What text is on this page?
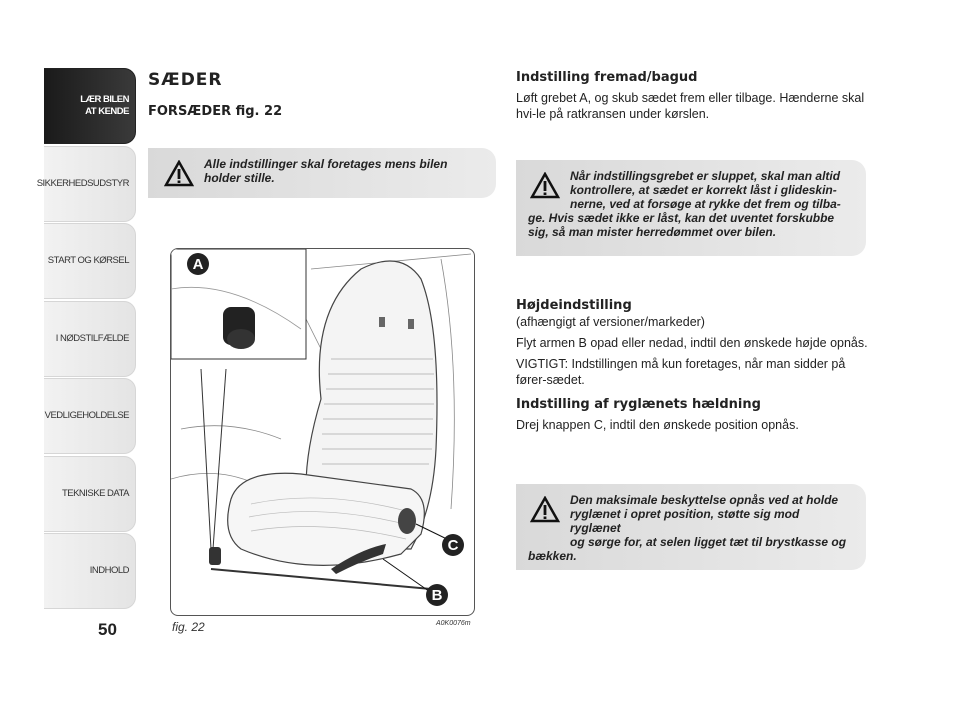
LÆR BILEN
AT KENDE
SIKKERHEDSUDSTYR
START OG KØRSEL
I NØDSTILFÆLDE
VEDLIGEHOLDELSE
TEKNISKE DATA
INDHOLD
50
SÆDER
FORSÆDER fig. 22
Alle indstillinger skal foretages mens bilen holder stille.
A
C
B
fig. 22	A0K0076m
Indstilling fremad/bagud
Løft grebet A, og skub sædet frem eller tilbage. Hænderne skal hvi-le på ratkransen under kørslen.
Når indstillingsgrebet er sluppet, skal man altid
kontrollere, at sædet er korrekt låst i glideskin-
nerne, ved at forsøge at rykke det frem og tilba-
ge. Hvis sædet ikke er låst, kan det uventet forskubbe sig, så man mister herredømmet over bilen.
Højdeindstilling
(afhængigt af versioner/markeder)
Flyt armen B opad eller nedad, indtil den ønskede højde opnås.
VIGTIGT: Indstillingen må kun foretages, når man sidder på fører-sædet.
Indstilling af ryglænets hældning
Drej knappen C, indtil den ønskede position opnås.
Den maksimale beskyttelse opnås ved at holde
ryglænet i opret position, støtte sig mod ryglænet
og sørge for, at selen ligget tæt til brystkasse og
bækken.
